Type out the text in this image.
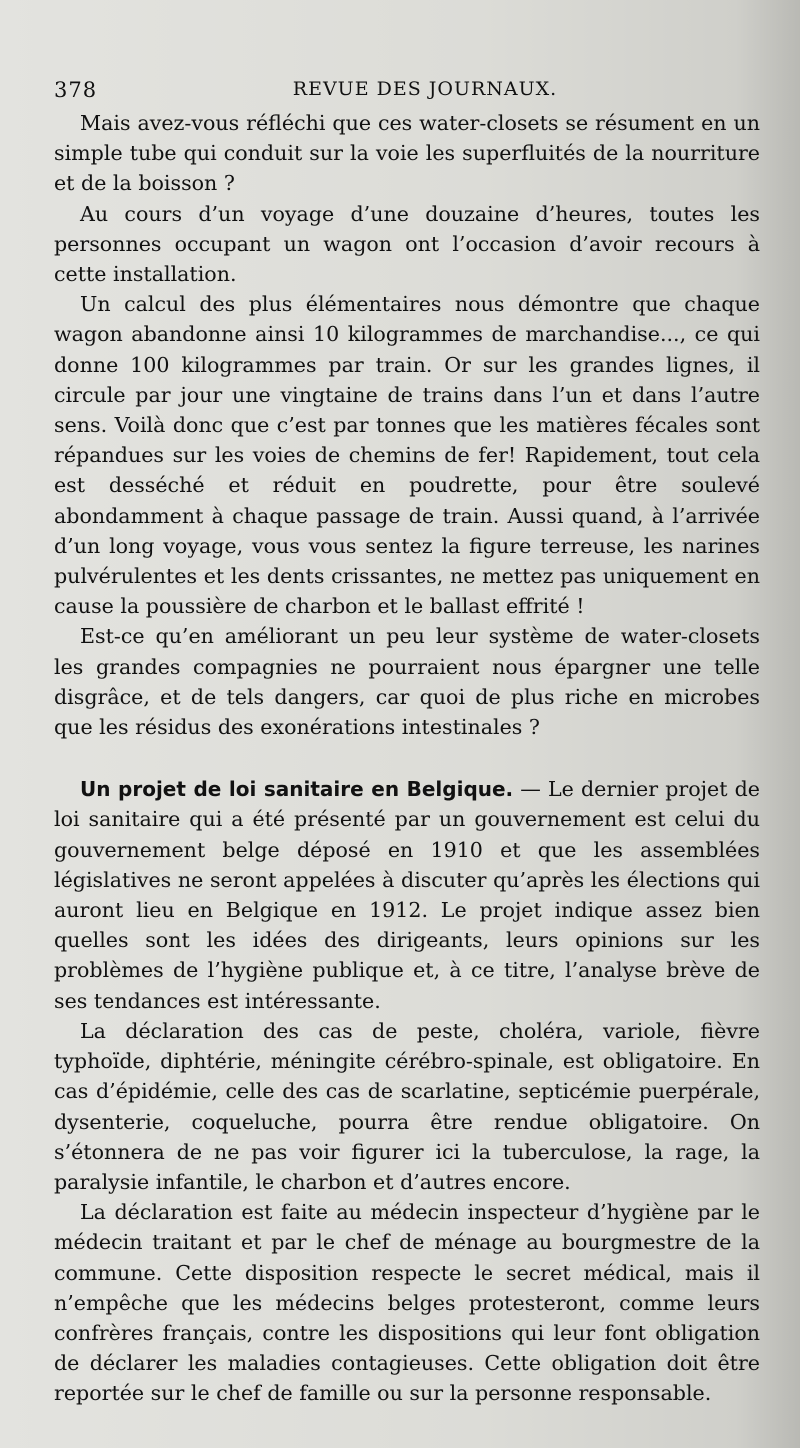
378	REVUE DES JOURNAUX.

Mais avez-vous réfléchi que ces water-closets se résument en un simple tube qui conduit sur la voie les superfluités de la nourriture et de la boisson ?

Au cours d’un voyage d’une douzaine d’heures, toutes les personnes occupant un wagon ont l’occasion d’avoir recours à cette installation.

Un calcul des plus élémentaires nous démontre que chaque wagon abandonne ainsi 10 kilogrammes de marchandise..., ce qui donne 100 kilogrammes par train. Or sur les grandes lignes, il circule par jour une vingtaine de trains dans l’un et dans l’autre sens. Voilà donc que c’est par tonnes que les matières fécales sont répandues sur les voies de chemins de fer! Rapidement, tout cela est desséché et réduit en poudrette, pour être soulevé abondamment à chaque passage de train. Aussi quand, à l’arrivée d’un long voyage, vous vous sentez la figure terreuse, les narines pulvérulentes et les dents crissantes, ne mettez pas uniquement en cause la poussière de charbon et le ballast effrité !

Est-ce qu’en améliorant un peu leur système de water-closets les grandes compagnies ne pourraient nous épargner une telle disgrâce, et de tels dangers, car quoi de plus riche en microbes que les résidus des exonérations intestinales ?

Un projet de loi sanitaire en Belgique. — Le dernier projet de loi sanitaire qui a été présenté par un gouvernement est celui du gouvernement belge déposé en 1910 et que les assemblées législatives ne seront appelées à discuter qu’après les élections qui auront lieu en Belgique en 1912. Le projet indique assez bien quelles sont les idées des dirigeants, leurs opinions sur les problèmes de l’hygiène publique et, à ce titre, l’analyse brève de ses tendances est intéressante.

La déclaration des cas de peste, choléra, variole, fièvre typhoïde, diphtérie, méningite cérébro-spinale, est obligatoire. En cas d’épidémie, celle des cas de scarlatine, septicémie puerpérale, dysenterie, coqueluche, pourra être rendue obligatoire. On s’étonnera de ne pas voir figurer ici la tuberculose, la rage, la paralysie infantile, le charbon et d’autres encore.

La déclaration est faite au médecin inspecteur d’hygiène par le médecin traitant et par le chef de ménage au bourgmestre de la commune. Cette disposition respecte le secret médical, mais il n’empêche que les médecins belges protesteront, comme leurs confrères français, contre les dispositions qui leur font obligation de déclarer les maladies contagieuses. Cette obligation doit être reportée sur le chef de famille ou sur la personne responsable.
